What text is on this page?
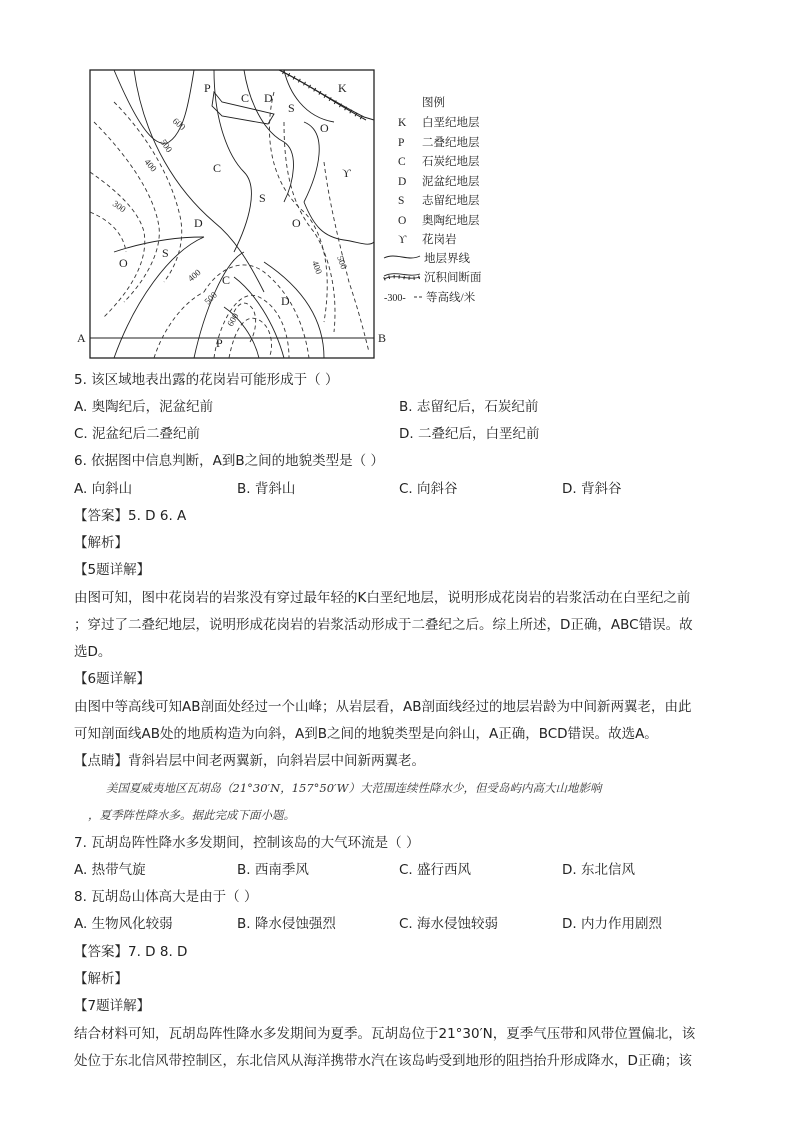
A	B
P
C D
S
K
O
ϒ
C
S
O
D
S
O
C
D
P
600
500
400
300
400 500
400
500
600
图例
K 白垩纪地层
P 二叠纪地层
C 石炭纪地层
D 泥盆纪地层
S 志留纪地层
O 奥陶纪地层
ϒ 花岗岩
地层界线
沉积间断面
-300- 等高线/米
5. 该区域地表出露的花岗岩可能形成于（ ）
A. 奥陶纪后，泥盆纪前	B. 志留纪后，石炭纪前
C. 泥盆纪后二叠纪前	D. 二叠纪后，白垩纪前
6. 依据图中信息判断，A到B之间的地貌类型是（ ）
A. 向斜山	B. 背斜山	C. 向斜谷	D. 背斜谷
【答案】5. D 6. A
【解析】
【5题详解】
由图可知，图中花岗岩的岩浆没有穿过最年轻的K白垩纪地层，说明形成花岗岩的岩浆活动在白垩纪之前
；穿过了二叠纪地层，说明形成花岗岩的岩浆活动形成于二叠纪之后。综上所述，D正确，ABC错误。故
选D。
【6题详解】
由图中等高线可知AB剖面处经过一个山峰；从岩层看，AB剖面线经过的地层岩龄为中间新两翼老，由此
可知剖面线AB处的地质构造为向斜，A到B之间的地貌类型是向斜山，A正确，BCD错误。故选A。
【点睛】背斜岩层中间老两翼新，向斜岩层中间新两翼老。
美国夏威夷地区瓦胡岛（21°30′N，157°50′W）大范围连续性降水少，但受岛屿内高大山地影响
，夏季阵性降水多。据此完成下面小题。
7. 瓦胡岛阵性降水多发期间，控制该岛的大气环流是（ ）
A. 热带气旋	B. 西南季风	C. 盛行西风	D. 东北信风
8. 瓦胡岛山体高大是由于（ ）
A. 生物风化较弱	B. 降水侵蚀强烈	C. 海水侵蚀较弱	D. 内力作用剧烈
【答案】7. D 8. D
【解析】
【7题详解】
结合材料可知，瓦胡岛阵性降水多发期间为夏季。瓦胡岛位于21°30′N，夏季气压带和风带位置偏北，该
处位于东北信风带控制区，东北信风从海洋携带水汽在该岛屿受到地形的阻挡抬升形成降水，D正确；该
